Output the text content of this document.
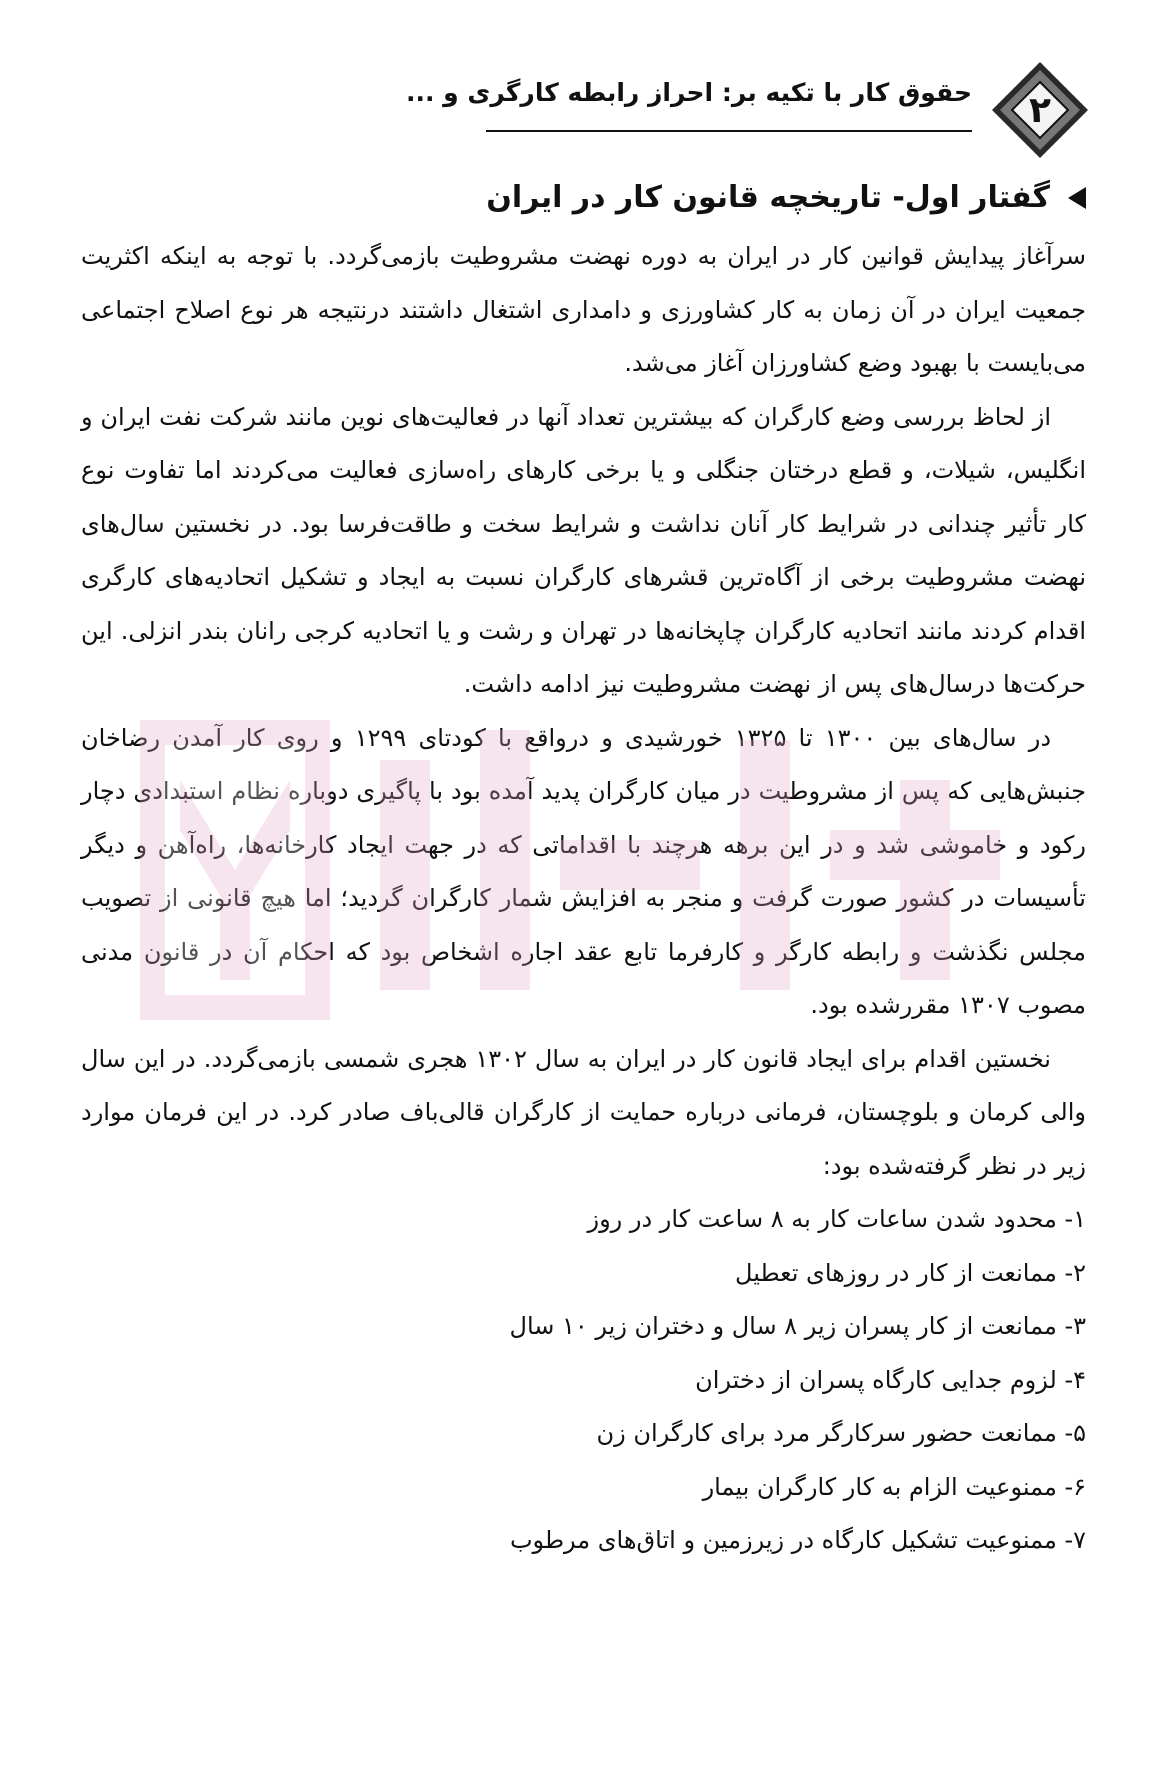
حقوق کار با تکیه بر: احراز رابطه کارگری و ...	۲
گفتار اول- تاریخچه قانون کار در ایران

سرآغاز پیدایش قوانین کار در ایران به دوره نهضت مشروطیت بازمی‌گردد. با توجه به اینکه اکثریت جمعیت ایران در آن زمان به کار کشاورزی و دامداری اشتغال داشتند درنتیجه هر نوع اصلاح اجتماعی می‌بایست با بهبود وضع کشاورزان آغاز می‌شد.

از لحاظ بررسی وضع کارگران که بیشترین تعداد آنها در فعالیت‌های نوین مانند شرکت نفت ایران و انگلیس، شیلات، و قطع درختان جنگلی و یا برخی کارهای راه‌سازی فعالیت می‌کردند اما تفاوت نوع کار تأثیر چندانی در شرایط کار آنان نداشت و شرایط سخت و طاقت‌فرسا بود. در نخستین سال‌های نهضت مشروطیت برخی از آگاه‌ترین قشرهای کارگران نسبت به ایجاد و تشکیل اتحادیه‌های کارگری اقدام کردند مانند اتحادیه کارگران چاپخانه‌ها در تهران و رشت و یا اتحادیه کرجی رانان بندر انزلی. این حرکت‌ها درسال‌های پس از نهضت مشروطیت نیز ادامه داشت.

در سال‌های بین ۱۳۰۰ تا ۱۳۲۵ خورشیدی و درواقع با کودتای ۱۲۹۹ و روی کار آمدن رضاخان جنبش‌هایی که پس از مشروطیت در میان کارگران پدید آمده بود با پاگیری دوباره نظام استبدادی دچار رکود و خاموشی شد و در این برهه هرچند با اقداماتی که در جهت ایجاد کارخانه‌ها، راه‌آهن و دیگر تأسیسات در کشور صورت گرفت و منجر به افزایش شمار کارگران گردید؛ اما هیچ قانونی از تصویب مجلس نگذشت و رابطه کارگر و کارفرما تابع عقد اجاره اشخاص بود که احکام آن در قانون مدنی مصوب ۱۳۰۷ مقررشده بود.

نخستین اقدام برای ایجاد قانون کار در ایران به سال ۱۳۰۲ هجری شمسی بازمی‌گردد. در این سال والی کرمان و بلوچستان، فرمانی درباره حمایت از کارگران قالی‌باف صادر کرد. در این فرمان موارد زیر در نظر گرفته‌شده بود:

۱- محدود شدن ساعات کار به ۸ ساعت کار در روز
۲- ممانعت از کار در روزهای تعطیل
۳- ممانعت از کار پسران زیر ۸ سال و دختران زیر ۱۰ سال
۴- لزوم جدایی کارگاه پسران از دختران
۵- ممانعت حضور سرکارگر مرد برای کارگران زن
۶- ممنوعیت الزام به کار کارگران بیمار
۷- ممنوعیت تشکیل کارگاه در زیرزمین و اتاق‌های مرطوب
